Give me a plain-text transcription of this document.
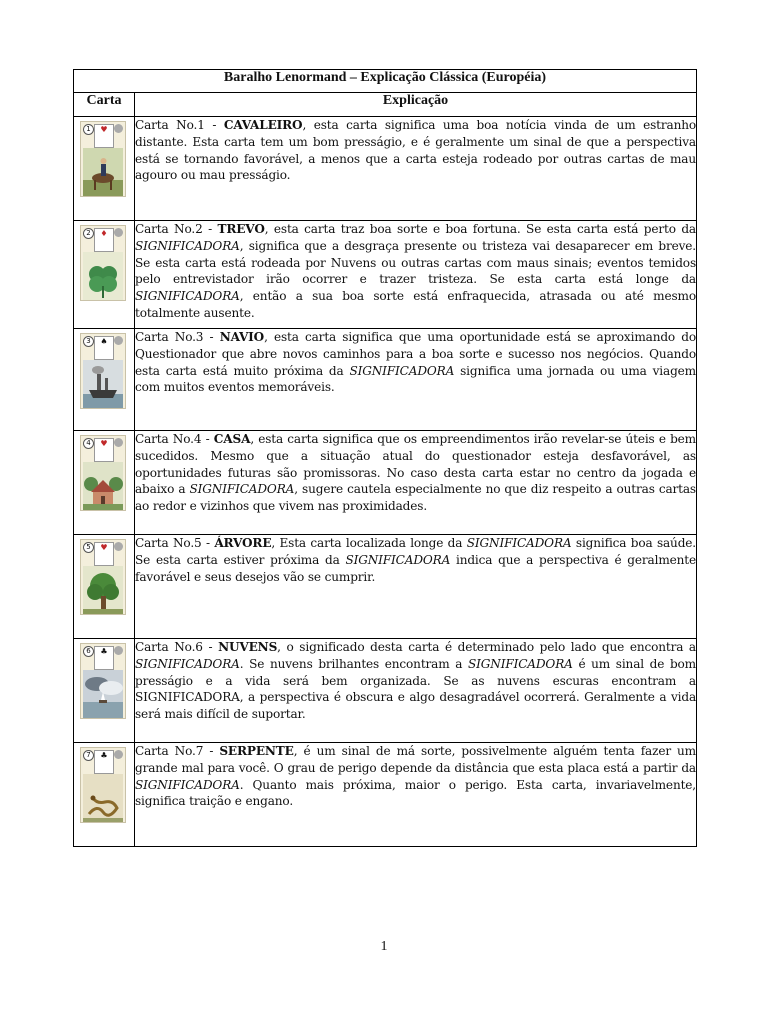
Baralho Lenormand – Explicação Clássica (Européia)	
Carta	Explicação

1 ♥	Carta No.1 - CAVALEIRO, esta carta significa uma boa notícia vinda de um estranho distante. Esta carta tem um bom presságio, e é geralmente um sinal de que a perspectiva está se tornando favorável, a menos que a carta esteja rodeado por outras cartas de mau agouro ou mau presságio.

2 ♦	Carta No.2 - TREVO, esta carta traz boa sorte e boa fortuna. Se esta carta está perto da SIGNIFICADORA, significa que a desgraça presente ou tristeza vai desaparecer em breve. Se esta carta está rodeada por Nuvens ou outras cartas com maus sinais; eventos temidos pelo entrevistador irão ocorrer e trazer tristeza. Se esta carta está longe da SIGNIFICADORA, então a sua boa sorte está enfraquecida, atrasada ou até mesmo totalmente ausente.

3 ♠	Carta No.3 - NAVIO, esta carta significa que uma oportunidade está se aproximando do Questionador que abre novos caminhos para a boa sorte e sucesso nos negócios. Quando esta carta está muito próxima da SIGNIFICADORA significa uma jornada ou uma viagem com muitos eventos memoráveis.

4 ♥	Carta No.4 - CASA, esta carta significa que os empreendimentos irão revelar-se úteis e bem sucedidos. Mesmo que a situação atual do questionador esteja desfavorável, as oportunidades futuras são promissoras. No caso desta carta estar no centro da jogada e abaixo a SIGNIFICADORA, sugere cautela especialmente no que diz respeito a outras cartas ao redor e vizinhos que vivem nas proximidades.

5 ♥	Carta No.5 - ÁRVORE, Esta carta localizada longe da SIGNIFICADORA significa boa saúde. Se esta carta estiver próxima da SIGNIFICADORA indica que a perspectiva é geralmente favorável e seus desejos vão se cumprir.

6 ♣	Carta No.6 - NUVENS, o significado desta carta é determinado pelo lado que encontra a SIGNIFICADORA. Se nuvens brilhantes encontram a SIGNIFICADORA é um sinal de bom presságio e a vida será bem organizada. Se as nuvens escuras encontram a SIGNIFICADORA, a perspectiva é obscura e algo desagradável ocorrerá. Geralmente a vida será mais difícil de suportar.

7 ♣	Carta No.7 - SERPENTE, é um sinal de má sorte, possivelmente alguém tenta fazer um grande mal para você. O grau de perigo depende da distância que esta placa está a partir da SIGNIFICADORA. Quanto mais próxima, maior o perigo. Esta carta, invariavelmente, significa traição e engano.
1
